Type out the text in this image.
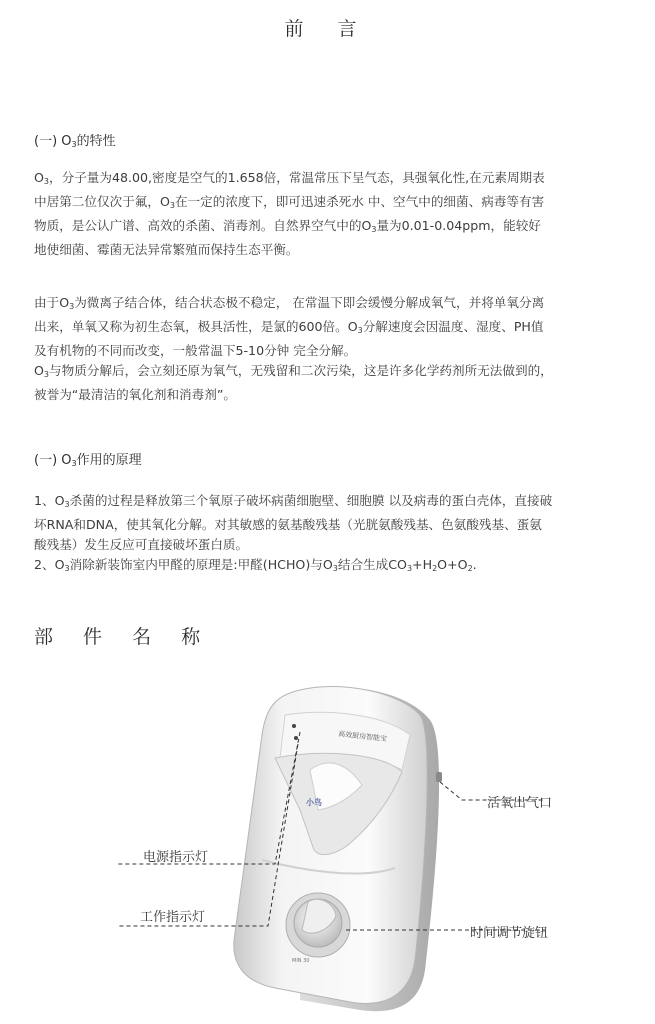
前 言
(一) $O_3$的特性

$O_3$，分子量为48.00,密度是空气的1.658倍，常温常压下呈气态，具强氧化性,在元素周期表

中居第二位仅次于氟，$O_3$在一定的浓度下，即可迅速杀死水 中、空气中的细菌、病毒等有害

物质，是公认广谱、高效的杀菌、消毒剂。自然界空气中的$O_3$量为0.01-0.04ppm，能较好

地使细菌、霉菌无法异常繁殖而保持生态平衡。

由于$O_3$为微离子结合体，结合状态极不稳定， 在常温下即会缓慢分解成氧气，并将单氧分离

出来，单氧又称为初生态氧，极具活性，是氯的600倍。$O_3$分解速度会因温度、湿度、PH值

及有机物的不同而改变，一般常温下5-10分钟 完全分解。

$O_3$与物质分解后，会立刻还原为氧气，无残留和二次污染，这是许多化学药剂所无法做到的，

被誉为“最清洁的氧化剂和消毒剂”。

(一) $O_3$作用的原理

1、$O_3$杀菌的过程是释放第三个氧原子破坏病菌细胞壁、细胞膜 以及病毒的蛋白壳体，直接破

坏RNA和DNA，使其氧化分解。对其敏感的氨基酸残基（光胱氨酸残基、色氨酸残基、蛋氨

酸残基）发生反应可直接破坏蛋白质。

2、$O_3$消除新装饰室内甲醛的原理是:甲醛(HCHO)与$O_3$结合生成$CO_3+H_2O+O_2$.

部 件 名 称
高效厨房智能宝
小鸟
MIN 30
活氧出气口
电源指示灯
工作指示灯
时间调节旋钮
